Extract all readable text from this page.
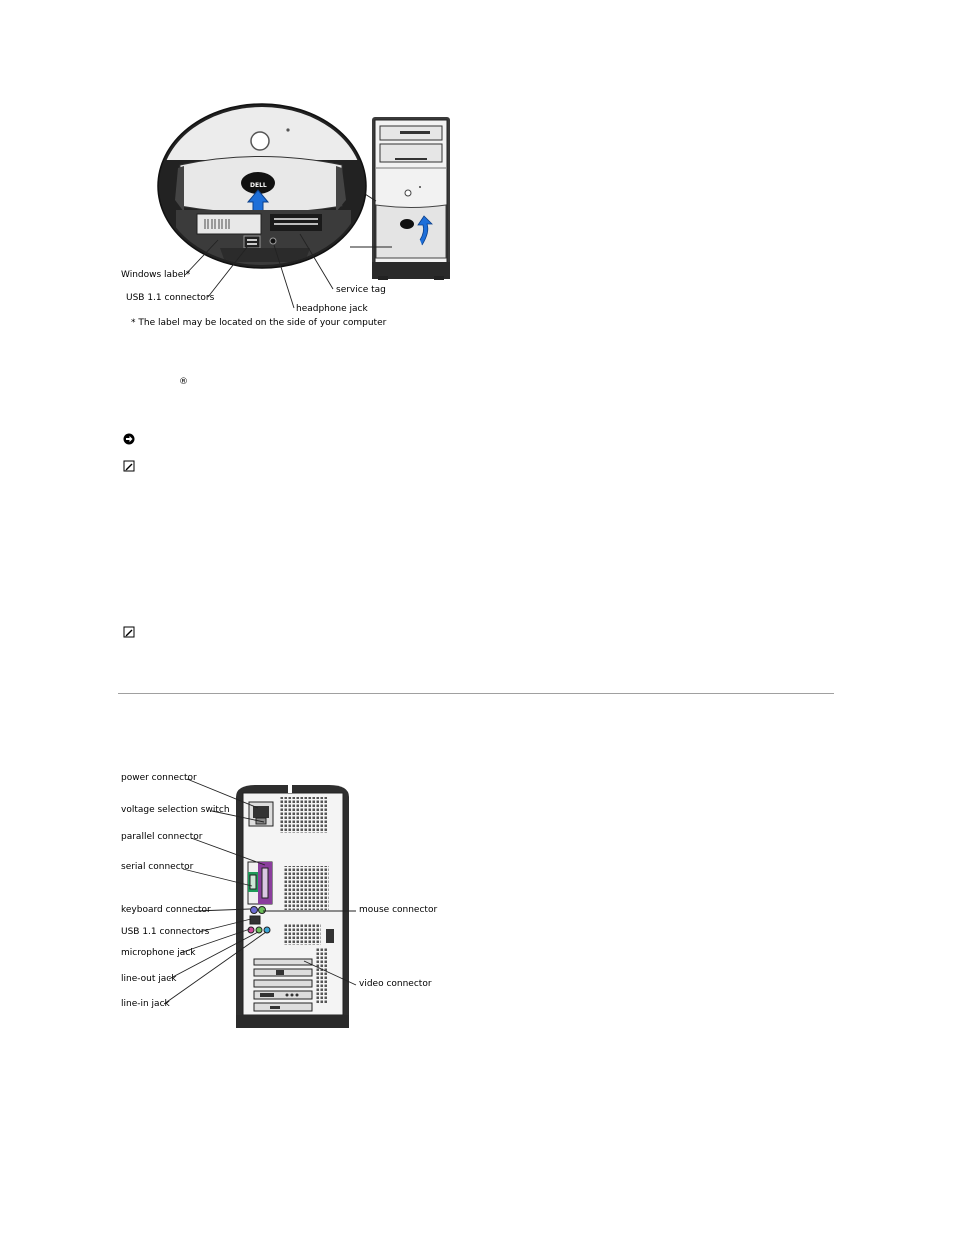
DELL
Windows label*
USB 1.1 connectors
service tag
headphone jack
* The label may be located on the side of your computer
®
power connector
voltage selection switch
parallel connector
serial connector
keyboard connector
USB 1.1 connectors
microphone jack
line-out jack
line-in jack
mouse connector
video connector
